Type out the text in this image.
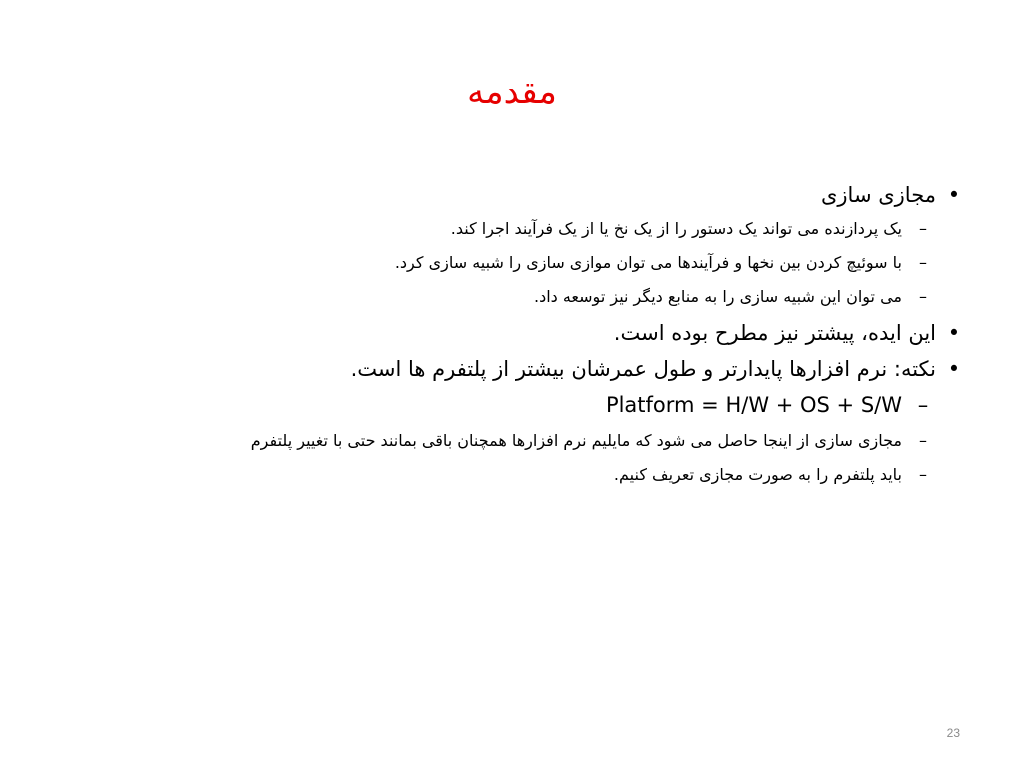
مقدمه
•
مجازی سازی
–
یک پردازنده می تواند یک دستور را از یک نخ یا از یک فرآیند اجرا کند.
–
با سوئیچ کردن بین نخها و فرآیندها می توان موازی سازی را شبیه سازی کرد.
–
می توان این شبیه سازی را به منابع دیگر نیز توسعه داد.
•
این ایده، پیشتر نیز مطرح بوده است.
•
نکته: نرم افزارها پایدارتر و طول عمرشان بیشتر از پلتفرم ها است.
–
Platform = H/W + OS + S/W
–
مجازی سازی از اینجا حاصل می شود که مایلیم نرم افزارها همچنان باقی بمانند حتی با تغییر پلتفرم
–
باید پلتفرم را به صورت مجازی تعریف کنیم.
23
